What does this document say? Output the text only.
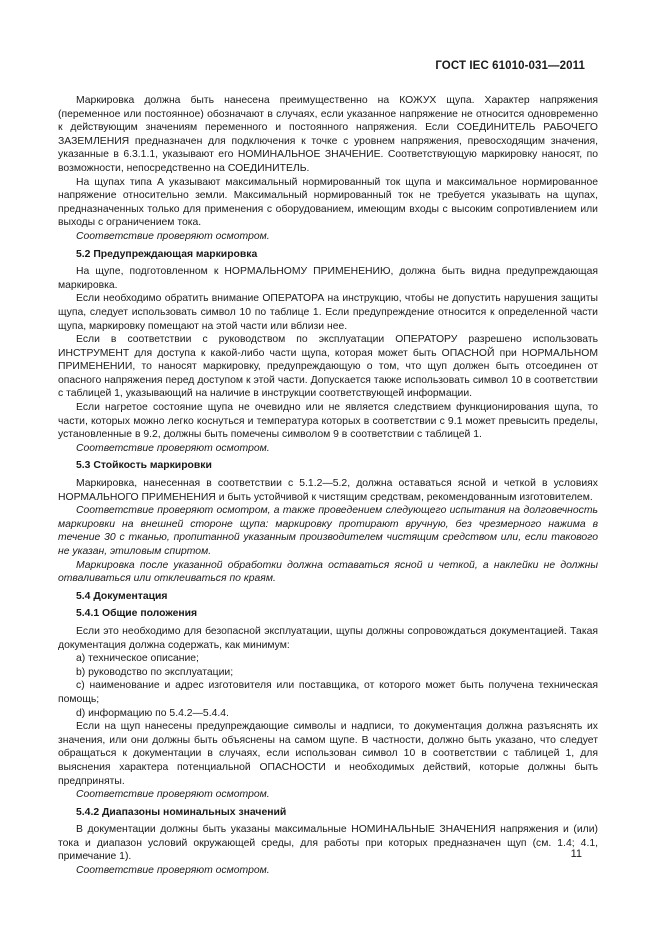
ГОСТ IEC 61010-031—2011

Маркировка должна быть нанесена преимущественно на КОЖУХ щупа. Характер напряжения (переменное или постоянное) обозначают в случаях, если указанное напряжение не относится одновременно к действующим значениям переменного и постоянного напряжения. Если СОЕДИНИТЕЛЬ РАБОЧЕГО ЗАЗЕМЛЕНИЯ предназначен для подключения к точке с уровнем напряжения, превосходящим значения, указанные в 6.3.1.1, указывают его НОМИНАЛЬНОЕ ЗНАЧЕНИЕ. Соответствующую маркировку наносят, по возможности, непосредственно на СОЕДИНИТЕЛЬ.

На щупах типа А указывают максимальный нормированный ток щупа и максимальное нормированное напряжение относительно земли. Максимальный нормированный ток не требуется указывать на щупах, предназначенных только для применения с оборудованием, имеющим входы с высоким сопротивлением или выходы с ограничением тока.

Соответствие проверяют осмотром.

5.2 Предупреждающая маркировка

На щупе, подготовленном к НОРМАЛЬНОМУ ПРИМЕНЕНИЮ, должна быть видна предупреждающая маркировка.

Если необходимо обратить внимание ОПЕРАТОРА на инструкцию, чтобы не допустить нарушения защиты щупа, следует использовать символ 10 по таблице 1. Если предупреждение относится к определенной части щупа, маркировку помещают на этой части или вблизи нее.

Если в соответствии с руководством по эксплуатации ОПЕРАТОРУ разрешено использовать ИНСТРУМЕНТ для доступа к какой-либо части щупа, которая может быть ОПАСНОЙ при НОРМАЛЬНОМ ПРИМЕНЕНИИ, то наносят маркировку, предупреждающую о том, что щуп должен быть отсоединен от опасного напряжения перед доступом к этой части. Допускается также использовать символ 10 в соответствии с таблицей 1, указывающий на наличие в инструкции соответствующей информации.

Если нагретое состояние щупа не очевидно или не является следствием функционирования щупа, то части, которых можно легко коснуться и температура которых в соответствии с 9.1 может превысить пределы, установленные в 9.2, должны быть помечены символом 9 в соответствии с таблицей 1.

Соответствие проверяют осмотром.

5.3 Стойкость маркировки

Маркировка, нанесенная в соответствии с 5.1.2—5.2, должна оставаться ясной и четкой в условиях НОРМАЛЬНОГО ПРИМЕНЕНИЯ и быть устойчивой к чистящим средствам, рекомендованным изготовителем.

Соответствие проверяют осмотром, а также проведением следующего испытания на долговечность маркировки на внешней стороне щупа: маркировку протирают вручную, без чрезмерного нажима в течение 30 с тканью, пропитанной указанным производителем чистящим средством или, если такового не указан, этиловым спиртом.

Маркировка после указанной обработки должна оставаться ясной и четкой, а наклейки не должны отваливаться или отклеиваться по краям.

5.4 Документация

5.4.1 Общие положения

Если это необходимо для безопасной эксплуатации, щупы должны сопровождаться документацией. Такая документация должна содержать, как минимум:

a) техническое описание;

b) руководство по эксплуатации;

c) наименование и адрес изготовителя или поставщика, от которого может быть получена техническая помощь;

d) информацию по 5.4.2—5.4.4.

Если на щуп нанесены предупреждающие символы и надписи, то документация должна разъяснять их значения, или они должны быть объяснены на самом щупе. В частности, должно быть указано, что следует обращаться к документации в случаях, если использован символ 10 в соответствии с таблицей 1, для выяснения характера потенциальной ОПАСНОСТИ и необходимых действий, которые должны быть предприняты.

Соответствие проверяют осмотром.

5.4.2 Диапазоны номинальных значений

В документации должны быть указаны максимальные НОМИНАЛЬНЫЕ ЗНАЧЕНИЯ напряжения и (или) тока и диапазон условий окружающей среды, для работы при которых предназначен щуп (см. 1.4; 4.1, примечание 1).

Соответствие проверяют осмотром.

11
